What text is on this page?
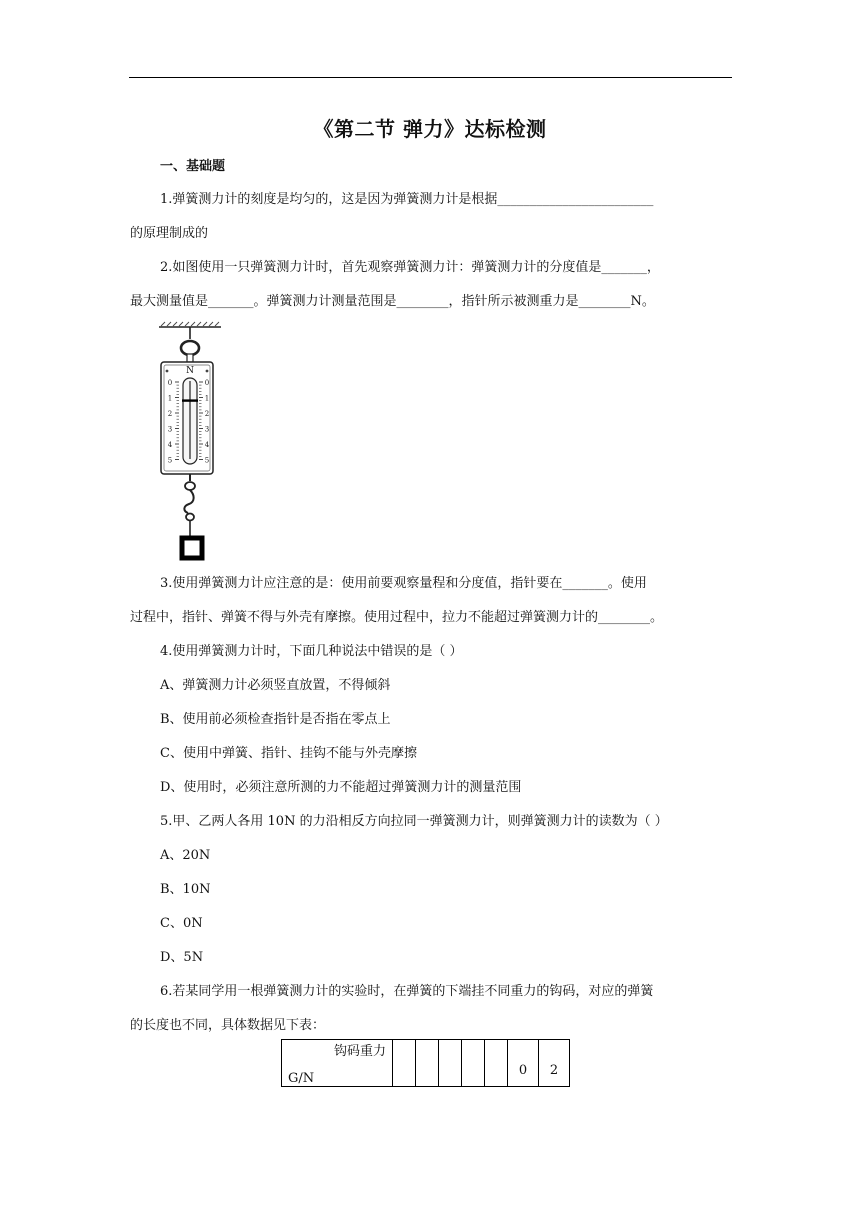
《第二节 弹力》达标检测
一、基础题
1.弹簧测力计的刻度是均匀的，这是因为弹簧测力计是根据________________________
的原理制成的
2.如图使用一只弹簧测力计时，首先观察弹簧测力计：弹簧测力计的分度值是_______，
最大测量值是_______。弹簧测力计测量范围是________，指针所示被测重力是________N。
N
0	0
1	1
2	2
3	3
4	4
5	5
3.使用弹簧测力计应注意的是：使用前要观察量程和分度值，指针要在_______。使用
过程中，指针、弹簧不得与外壳有摩擦。使用过程中，拉力不能超过弹簧测力计的________。
4.使用弹簧测力计时，下面几种说法中错误的是（ ）
A、弹簧测力计必须竖直放置，不得倾斜
B、使用前必须检查指针是否指在零点上
C、使用中弹簧、指针、挂钩不能与外壳摩擦
D、使用时，必须注意所测的力不能超过弹簧测力计的测量范围
5.甲、乙两人各用 10N 的力沿相反方向拉同一弹簧测力计，则弹簧测力计的读数为（ ）
A、20N
B、10N
C、0N
D、5N
6.若某同学用一根弹簧测力计的实验时，在弹簧的下端挂不同重力的钩码，对应的弹簧
的长度也不同，具体数据见下表：
钩码重力
G/N
						0	2
